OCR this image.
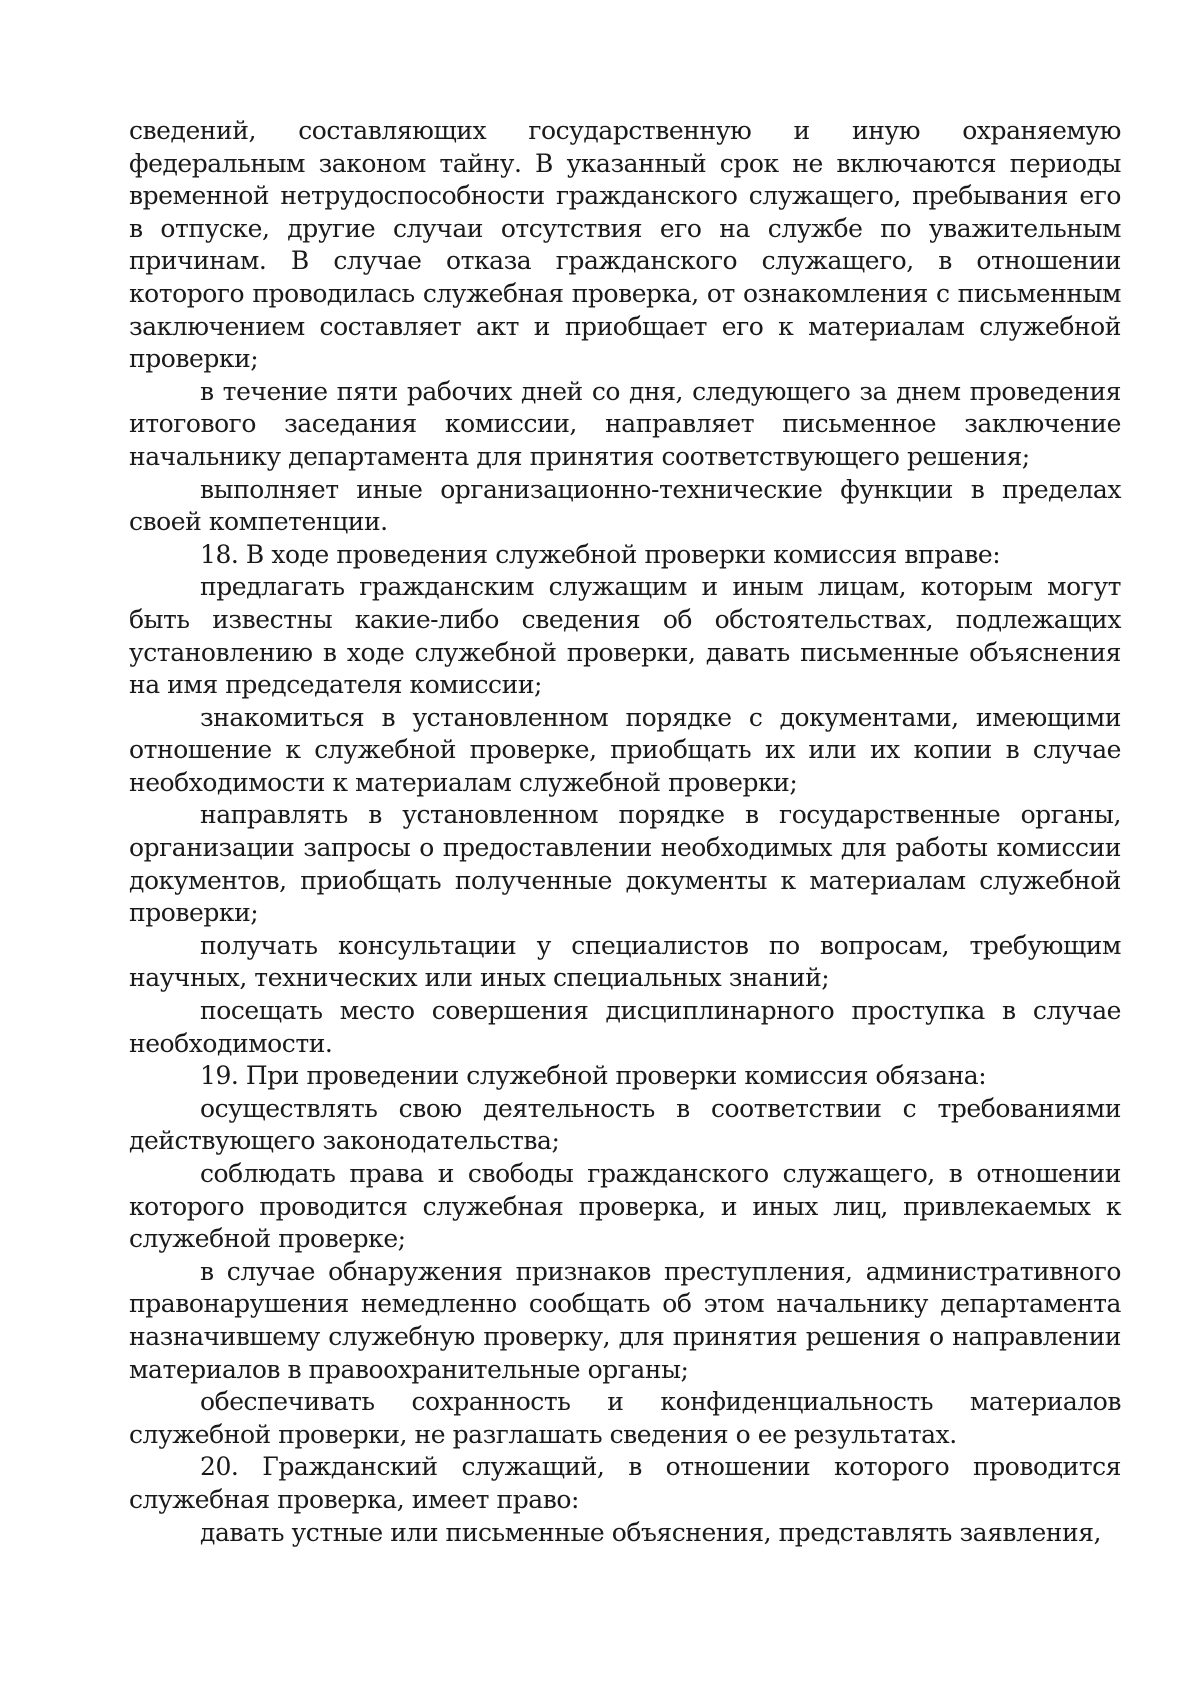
сведений, составляющих государственную и иную охраняемую федеральным законом тайну. В указанный срок не включаются периоды временной нетрудоспособности гражданского служащего, пребывания его в отпуске, другие случаи отсутствия его на службе по уважительным причинам. В случае отказа гражданского служащего, в отношении которого проводилась служебная проверка, от ознакомления с письменным заключением составляет акт и приобщает его к материалам служебной проверки;

в течение пяти рабочих дней со дня, следующего за днем проведения итогового заседания комиссии, направляет письменное заключение начальнику департамента для принятия соответствующего решения;

выполняет иные организационно-технические функции в пределах своей компетенции.

18. В ходе проведения служебной проверки комиссия вправе:

предлагать гражданским служащим и иным лицам, которым могут быть известны какие-либо сведения об обстоятельствах, подлежащих установлению в ходе служебной проверки, давать письменные объяснения на имя председателя комиссии;

знакомиться в установленном порядке с документами, имеющими отношение к служебной проверке, приобщать их или их копии в случае необходимости к материалам служебной проверки;

направлять в установленном порядке в государственные органы, организации запросы о предоставлении необходимых для работы комиссии документов, приобщать полученные документы к материалам служебной проверки;

получать консультации у специалистов по вопросам, требующим научных, технических или иных специальных знаний;

посещать место совершения дисциплинарного проступка в случае необходимости.

19. При проведении служебной проверки комиссия обязана:

осуществлять свою деятельность в соответствии с требованиями действующего законодательства;

соблюдать права и свободы гражданского служащего, в отношении которого проводится служебная проверка, и иных лиц, привлекаемых к служебной проверке;

в случае обнаружения признаков преступления, административного правонарушения немедленно сообщать об этом начальнику департамента назначившему служебную проверку, для принятия решения о направлении материалов в правоохранительные органы;

обеспечивать сохранность и конфиденциальность материалов служебной проверки, не разглашать сведения о ее результатах.

20. Гражданский служащий, в отношении которого проводится служебная проверка, имеет право:

давать устные или письменные объяснения, представлять заявления,
